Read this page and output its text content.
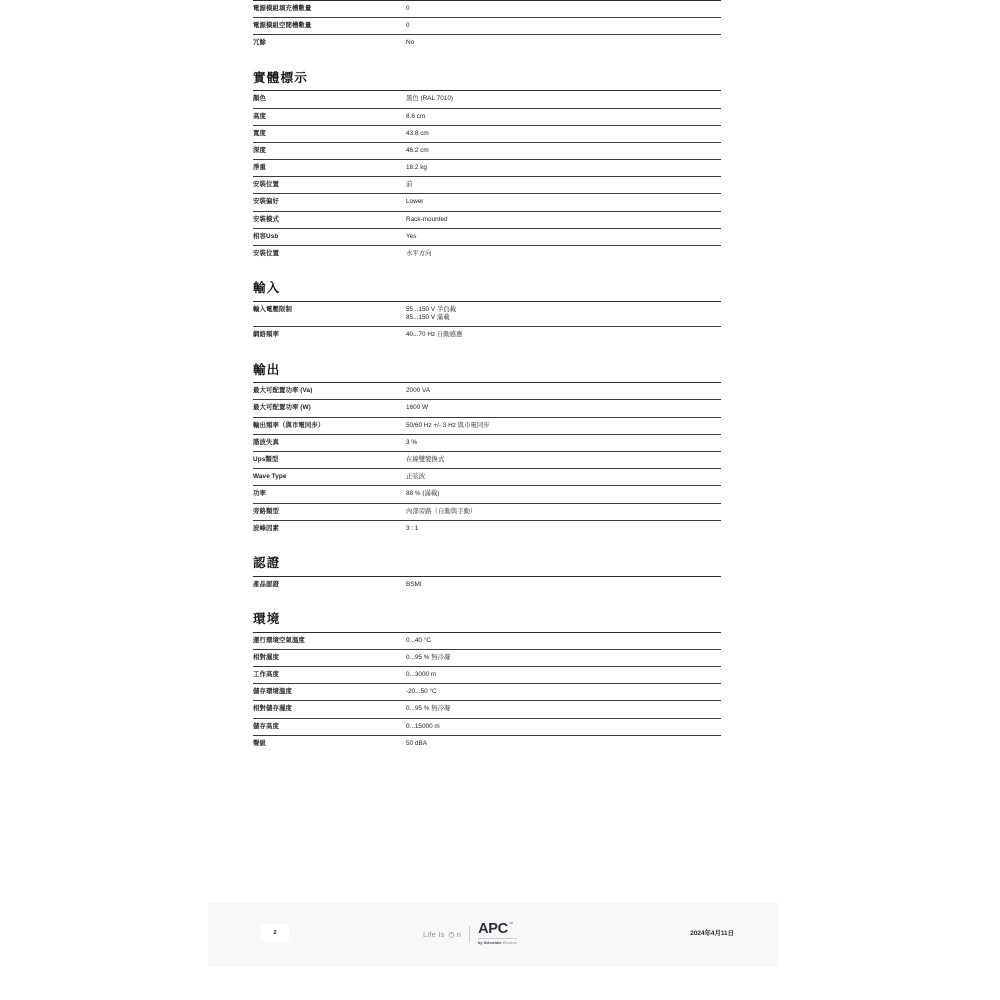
電源模組填充槽數量	0

電源模組空閒槽數量	0

冗餘	No
實體標示
顏色	黑色 (RAL 7010)

高度	8.6 cm

寬度	43.8 cm

深度	46.2 cm

淨重	18.2 kg

安裝位置	前

安裝偏好	Lower

安裝模式	Rack-mounted

相容Usb	Yes

安裝位置	水平方向
輸入
輸入電壓限制	55...150 V 半負載
85...150 V 滿載

網絡頻率	40...70 Hz 自動感應
輸出
最大可配置功率 (Va)	2000 VA

最大可配置功率 (W)	1600 W

輸出頻率（與市電同步）	50/60 Hz +/- 3 Hz 與市電同步

諧波失真	3 %

Ups類型	在線雙變換式

Wave Type	正弦波

功率	88 % (滿載)

旁路類型	內部旁路（自動與手動）

波峰因素	3 : 1
認證
產品認證	BSMI
環境
運行環境空氣溫度	0...40 °C

相對濕度	0...95 % 無冷凝

工作高度	0...3000 m

儲存環境溫度	-20...50 °C

相對儲存濕度	0...95 % 無冷凝

儲存高度	0...15000 m

聲級	50 dBA
2	Life Is n APC ™
by Schneider Electric
2024年4月11日
